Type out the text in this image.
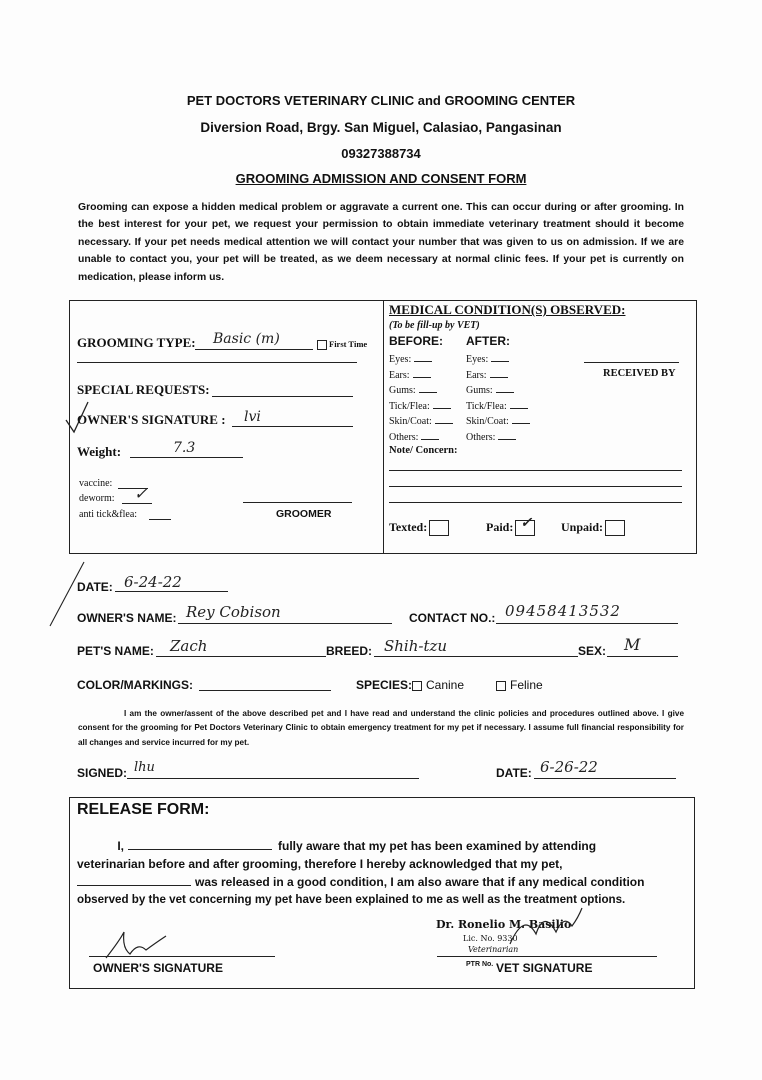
PET DOCTORS VETERINARY CLINIC and GROOMING CENTER
Diversion Road, Brgy. San Miguel, Calasiao, Pangasinan
09327388734
GROOMING ADMISSION AND CONSENT FORM

Grooming can expose a hidden medical problem or aggravate a current one. This can occur during or after grooming. In the best interest for your pet, we request your permission to obtain immediate veterinary treatment should it become necessary. If your pet needs medical attention we will contact your number that was given to us on admission. If we are unable to contact you, your pet will be treated, as we deem necessary at normal clinic fees. If your pet is currently on medication, please inform us.

GROOMING TYPE: Basic (m)	First Time
SPECIAL REQUESTS:
OWNER'S SIGNATURE : lvi
Weight:	7.3
vaccine:
deworm: ✓
anti tick&flea:	GROOMER
MEDICAL CONDITION(S) OBSERVED:
(To be fill-up by VET)
BEFORE: AFTER:
Eyes:	Eyes:
Ears:	Ears:
Gums:	Gums:
Tick/Flea:	Tick/Flea:
Skin/Coat:	Skin/Coat:
Others:	Others:
RECEIVED BY
Note/ Concern:
Texted:	Paid: ✓ Unpaid:
DATE: 6-24-22
OWNER'S NAME: Rey Cobison	CONTACT NO.: 09458413532
PET'S NAME: Zach	BREED: Shih-tzu	SEX: M
COLOR/MARKINGS:	SPECIES:	Canine	Feline

I am the owner/assent of the above described pet and I have read and understand the clinic policies and procedures outlined above. I give consent for the grooming for Pet Doctors Veterinary Clinic to obtain emergency treatment for my pet if necessary. I assume full financial responsibility for all changes and service incurred for my pet.

SIGNED: lhu	DATE: 6-26-22
RELEASE FORM:
I,	fully aware that my pet has been examined by attending
veterinarian before and after grooming, therefore I hereby acknowledged that my pet,
was released in a good condition, I am also aware that if any medical condition
observed by the vet concerning my pet have been explained to me as well as the treatment options.
OWNER'S SIGNATURE
Dr. Ronelio M. Basilio
Lic. No. 9330
Veterinarian
PTR No. VET SIGNATURE
